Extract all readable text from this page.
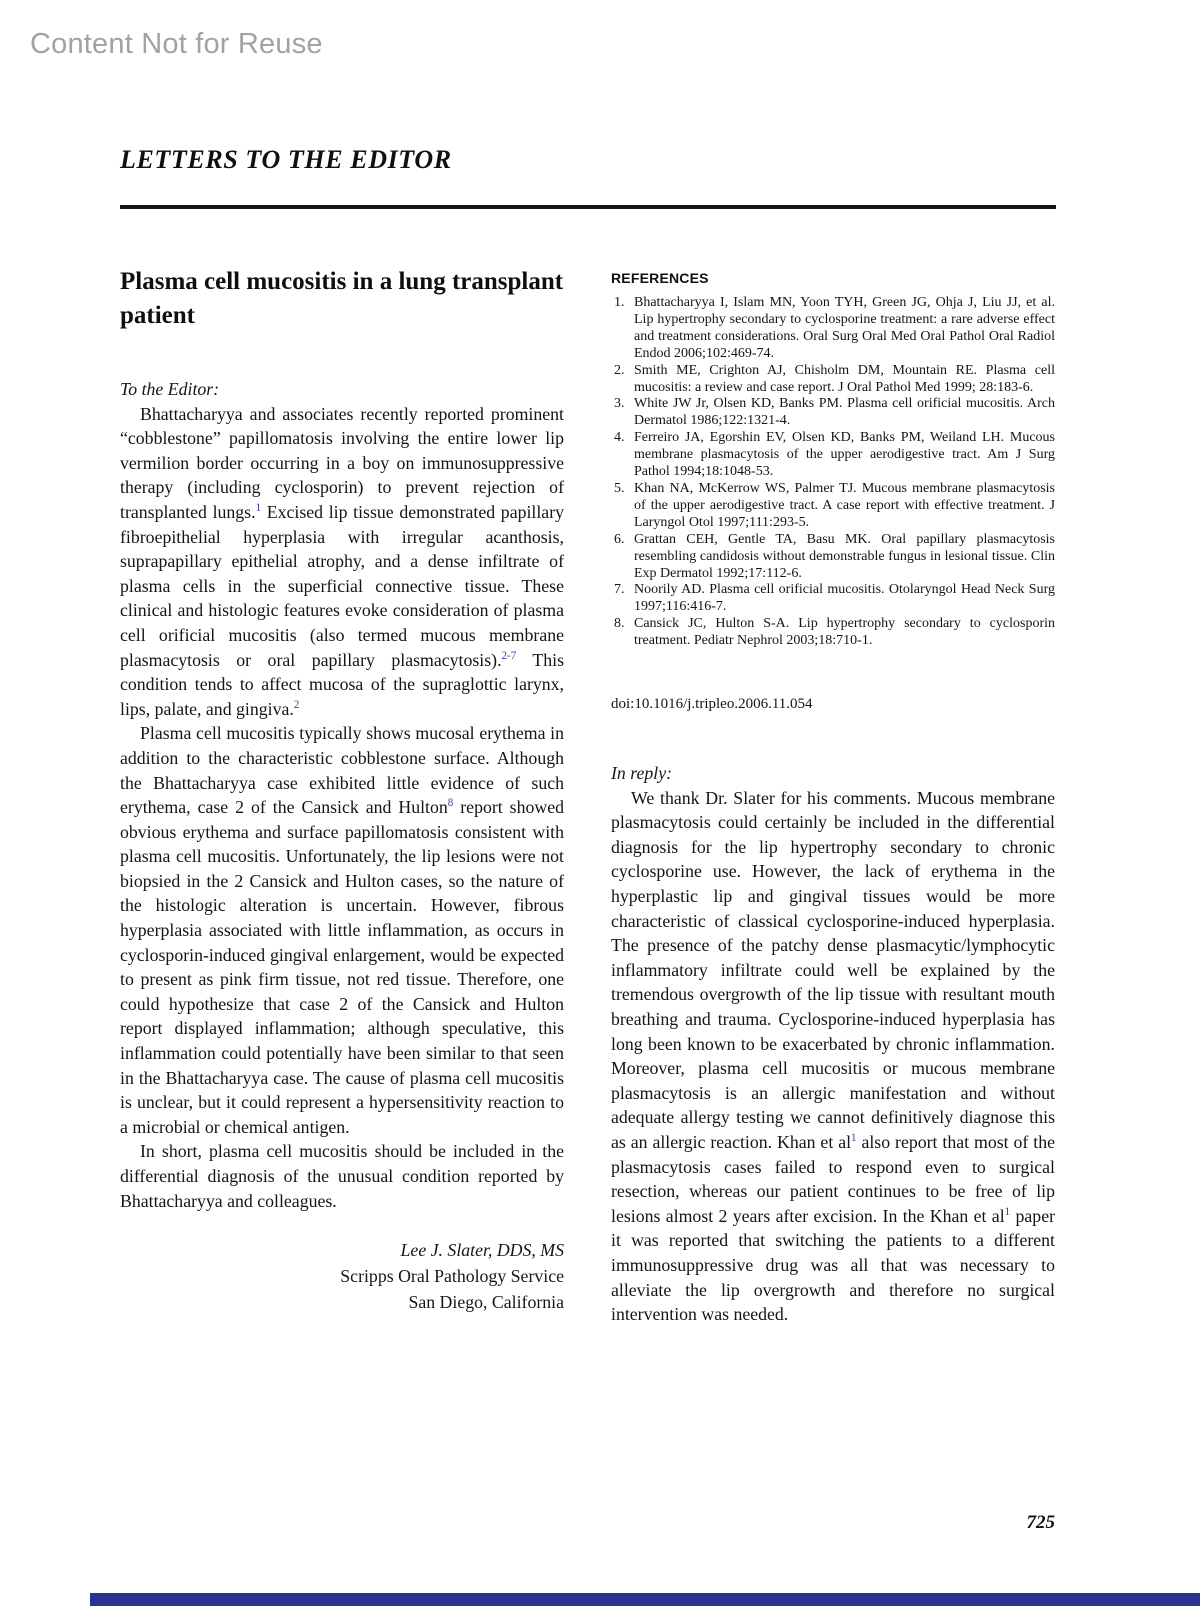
Content Not for Reuse
LETTERS TO THE EDITOR
Plasma cell mucositis in a lung transplant patient

To the Editor:

Bhattacharyya and associates recently reported prominent “cobblestone” papillomatosis involving the entire lower lip vermilion border occurring in a boy on immunosuppressive therapy (including cyclosporin) to prevent rejection of transplanted lungs.$^1$ Excised lip tissue demonstrated papillary fibroepithelial hyperplasia with irregular acanthosis, suprapapillary epithelial atrophy, and a dense infiltrate of plasma cells in the superficial connective tissue. These clinical and histologic features evoke consideration of plasma cell orificial mucositis (also termed mucous membrane plasmacytosis or oral papillary plasmacytosis).$^{2-7}$ This condition tends to affect mucosa of the supraglottic larynx, lips, palate, and gingiva.$^2$

Plasma cell mucositis typically shows mucosal erythema in addition to the characteristic cobblestone surface. Although the Bhattacharyya case exhibited little evidence of such erythema, case 2 of the Cansick and Hulton$^8$ report showed obvious erythema and surface papillomatosis consistent with plasma cell mucositis. Unfortunately, the lip lesions were not biopsied in the 2 Cansick and Hulton cases, so the nature of the histologic alteration is uncertain. However, fibrous hyperplasia associated with little inflammation, as occurs in cyclosporin-induced gingival enlargement, would be expected to present as pink firm tissue, not red tissue. Therefore, one could hypothesize that case 2 of the Cansick and Hulton report displayed inflammation; although speculative, this inflammation could potentially have been similar to that seen in the Bhattacharyya case. The cause of plasma cell mucositis is unclear, but it could represent a hypersensitivity reaction to a microbial or chemical antigen.

In short, plasma cell mucositis should be included in the differential diagnosis of the unusual condition reported by Bhattacharyya and colleagues.

Lee J. Slater, DDS, MS

Scripps Oral Pathology Service

San Diego, California

REFERENCES
1. Bhattacharyya I, Islam MN, Yoon TYH, Green JG, Ohja J, Liu JJ, et al. Lip hypertrophy secondary to cyclosporine treatment: a rare adverse effect and treatment considerations. Oral Surg Oral Med Oral Pathol Oral Radiol Endod 2006;102:469-74.
2. Smith ME, Crighton AJ, Chisholm DM, Mountain RE. Plasma cell mucositis: a review and case report. J Oral Pathol Med 1999; 28:183-6.
3. White JW Jr, Olsen KD, Banks PM. Plasma cell orificial mucositis. Arch Dermatol 1986;122:1321-4.
4. Ferreiro JA, Egorshin EV, Olsen KD, Banks PM, Weiland LH. Mucous membrane plasmacytosis of the upper aerodigestive tract. Am J Surg Pathol 1994;18:1048-53.
5. Khan NA, McKerrow WS, Palmer TJ. Mucous membrane plasmacytosis of the upper aerodigestive tract. A case report with effective treatment. J Laryngol Otol 1997;111:293-5.
6. Grattan CEH, Gentle TA, Basu MK. Oral papillary plasmacytosis resembling candidosis without demonstrable fungus in lesional tissue. Clin Exp Dermatol 1992;17:112-6.
7. Noorily AD. Plasma cell orificial mucositis. Otolaryngol Head Neck Surg 1997;116:416-7.
8. Cansick JC, Hulton S-A. Lip hypertrophy secondary to cyclosporin treatment. Pediatr Nephrol 2003;18:710-1.

doi:10.1016/j.tripleo.2006.11.054

In reply:

We thank Dr. Slater for his comments. Mucous membrane plasmacytosis could certainly be included in the differential diagnosis for the lip hypertrophy secondary to chronic cyclosporine use. However, the lack of erythema in the hyperplastic lip and gingival tissues would be more characteristic of classical cyclosporine-induced hyperplasia. The presence of the patchy dense plasmacytic/lymphocytic inflammatory infiltrate could well be explained by the tremendous overgrowth of the lip tissue with resultant mouth breathing and trauma. Cyclosporine-induced hyperplasia has long been known to be exacerbated by chronic inflammation. Moreover, plasma cell mucositis or mucous membrane plasmacytosis is an allergic manifestation and without adequate allergy testing we cannot definitively diagnose this as an allergic reaction. Khan et al$^1$ also report that most of the plasmacytosis cases failed to respond even to surgical resection, whereas our patient continues to be free of lip lesions almost 2 years after excision. In the Khan et al$^1$ paper it was reported that switching the patients to a different immunosuppressive drug was all that was necessary to alleviate the lip overgrowth and therefore no surgical intervention was needed.

725
